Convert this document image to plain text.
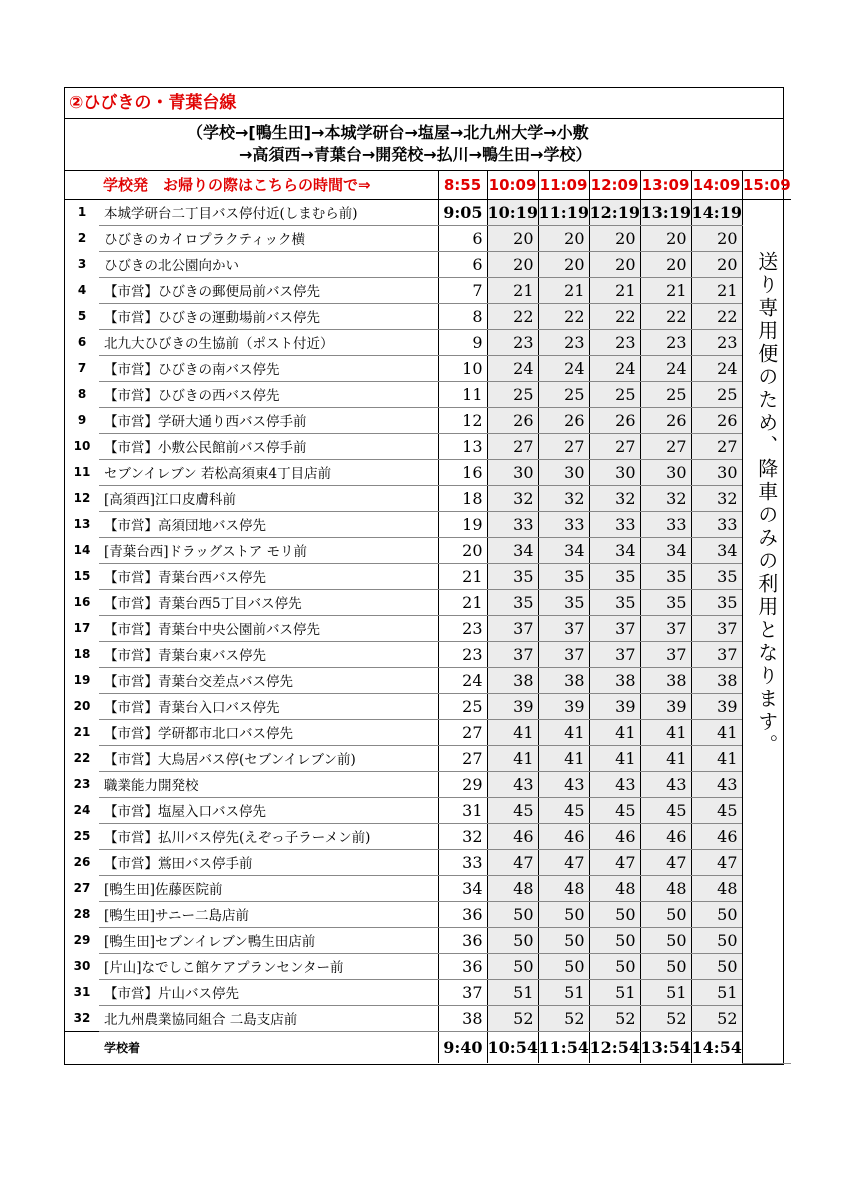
②ひびきの・青葉台線
（学校→[鴨生田]→本城学研台→塩屋→北九州大学→小敷
→高須西→青葉台→開発校→払川→鴨生田→学校）
学校発　お帰りの際はこちらの時間で⇒		8:55	10:09	11:09	12:09	13:09	14:09	15:09
1	本城学研台二丁目バス停付近(しまむら前)	9:05	10:19	11:19	12:19	13:19	14:19	送り専用便のため、降車のみの利用となります。

2	ひびきのカイロプラクティック横	6	20	20	20	20	20	
3	ひびきの北公園向かい	6	20	20	20	20	20	
4	【市営】ひびきの郵便局前バス停先	7	21	21	21	21	21	
5	【市営】ひびきの運動場前バス停先	8	22	22	22	22	22	
6	北九大ひびきの生協前（ポスト付近）	9	23	23	23	23	23	
7	【市営】ひびきの南バス停先	10	24	24	24	24	24	
8	【市営】ひびきの西バス停先	11	25	25	25	25	25	
9	【市営】学研大通り西バス停手前	12	26	26	26	26	26	
10	【市営】小敷公民館前バス停手前	13	27	27	27	27	27	
11	セブンイレブン 若松高須東4丁目店前	16	30	30	30	30	30	
12	[高須西]江口皮膚科前	18	32	32	32	32	32	
13	【市営】高須団地バス停先	19	33	33	33	33	33	
14	[青葉台西]ドラッグストア モリ前	20	34	34	34	34	34	
15	【市営】青葉台西バス停先	21	35	35	35	35	35	
16	【市営】青葉台西5丁目バス停先	21	35	35	35	35	35	
17	【市営】青葉台中央公園前バス停先	23	37	37	37	37	37	
18	【市営】青葉台東バス停先	23	37	37	37	37	37	
19	【市営】青葉台交差点バス停先	24	38	38	38	38	38	
20	【市営】青葉台入口バス停先	25	39	39	39	39	39	
21	【市営】学研都市北口バス停先	27	41	41	41	41	41	
22	【市営】大鳥居バス停(セブンイレブン前)	27	41	41	41	41	41	
23	職業能力開発校	29	43	43	43	43	43	
24	【市営】塩屋入口バス停先	31	45	45	45	45	45	
25	【市営】払川バス停先(えぞっ子ラーメン前)	32	46	46	46	46	46	
26	【市営】鴬田バス停手前	33	47	47	47	47	47	
27	[鴨生田]佐藤医院前	34	48	48	48	48	48	
28	[鴨生田]サニー二島店前	36	50	50	50	50	50	
29	[鴨生田]セブンイレブン鴨生田店前	36	50	50	50	50	50	
30	[片山]なでしこ館ケアプランセンター前	36	50	50	50	50	50	
31	【市営】片山バス停先	37	51	51	51	51	51	
32	北九州農業協同組合 二島支店前	38	52	52	52	52	52	
	学校着	9:40	10:54	11:54	12:54	13:54	14:54	
